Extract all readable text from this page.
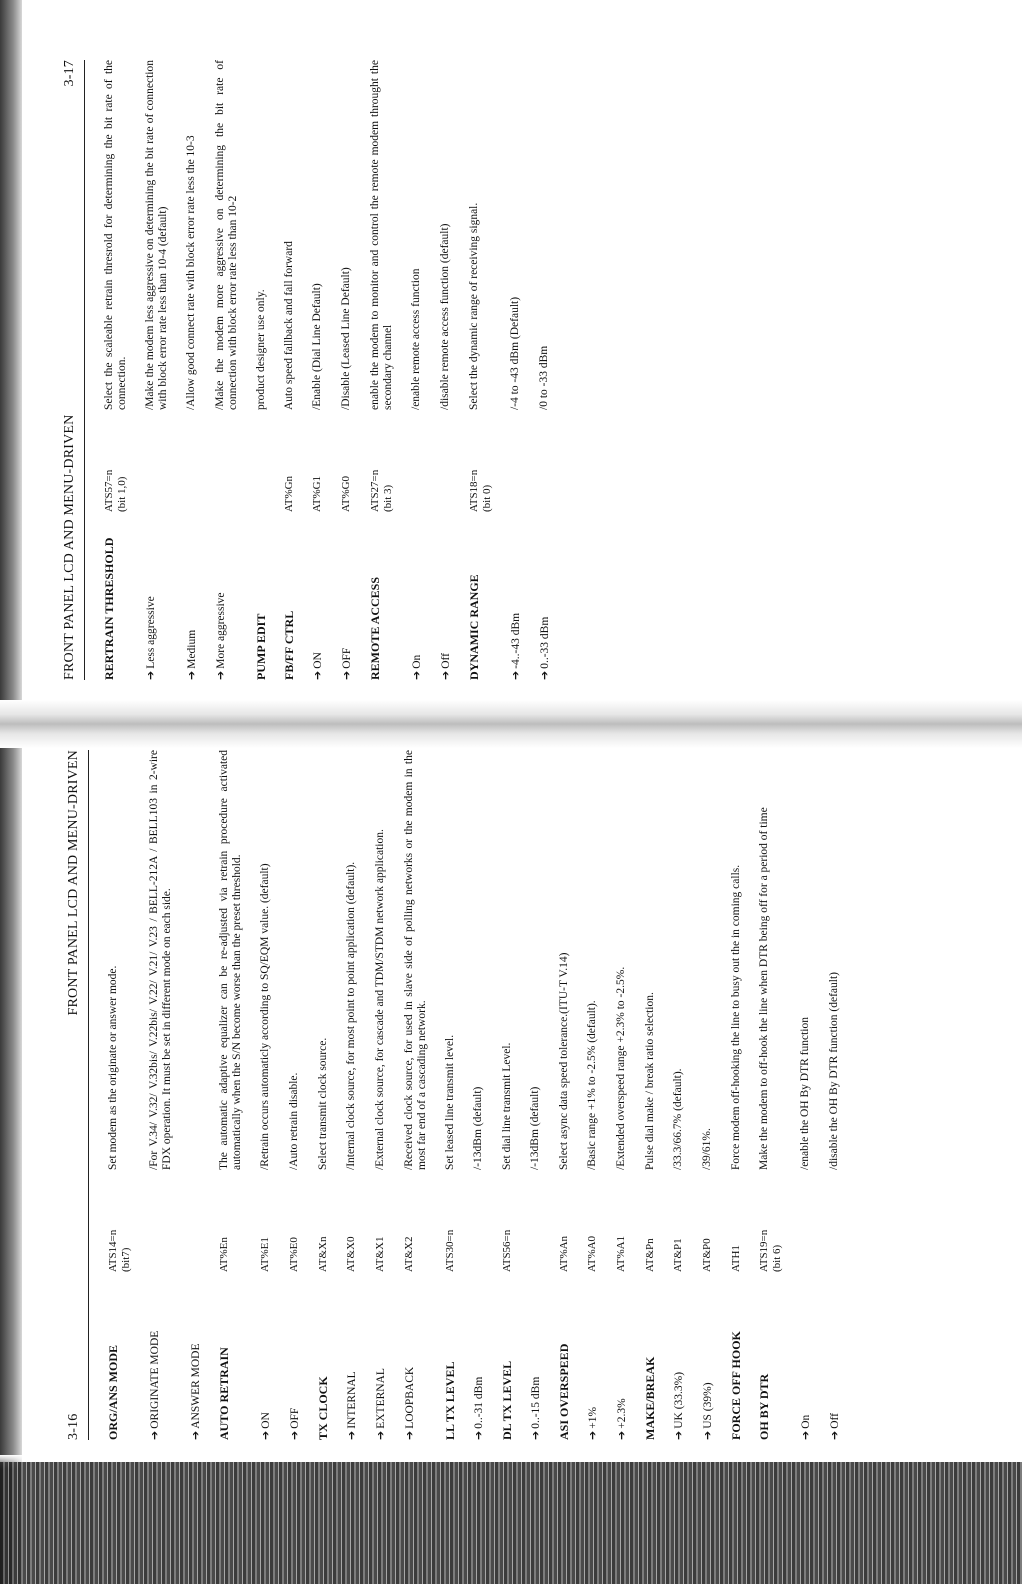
FRONT PANEL LCD AND MENU-DRIVEN
3-17
RERTRAIN THRESHOLD
ATS57=n (bit 1,0)
Select the scaleable retrain thresrold for determining the bit rate of the connection.
➔Less aggressive
/Make the modem less aggressive on determining the bit rate of connection with block error rate less than 10-4 (default)
➔Medium
/Allow good connect rate with block error rate less the 10-3
➔More aggressive
/Make the modem more aggressive on determining the bit rate of connection with block error rate less than 10-2
PUMP EDIT
product designer use only.
FB/FF CTRL
AT%Gn
Auto speed fallback and fall forward
➔ON
AT%G1
/Enable (Dial Line Default)
➔OFF
AT%G0
/Disable (Leased Line Default)
REMOTE ACCESS
ATS27=n (bit 3)
enable the modem to monitor and control the remote modem throught the secondary channel
➔On
/enable remote access function
➔Off
/disable remote access function (default)
DYNAMIC RANGE
ATS18=n (bit 0)
Select the dynamic range of receiving signal.
➔-4..-43 dBm
/-4 to -43 dBm (Default)
➔0..-33 dBm
/0 to -33 dBm
3-16
FRONT PANEL LCD AND MENU-DRIVEN
ORG/ANS MODE
ATS14=n (bit7)
Set modem as the originate or answer mode.
➔ORIGINATE MODE
/For V.34/ V.32/ V.32bis/ V.22bis/ V.22/ V.21/ V.23 / BELL-212A / BELL103 in 2-wire FDX operation. It must be set in different mode on each side.
➔ANSWER MODE AUTO RETRAIN
AT%En
The automatic adaptive equalizer can be re-adjusted via retrain procedure activated automatically when the S/N become worse than the preset threshold.
➔ON
AT%E1
/Retrain occurs automaticly according to SQ/EQM value. (default)
➔OFF
AT%E0
/Auto retrain disable.
TX CLOCK
AT&Xn
Select transmit clock source.
➔INTERNAL
AT&X0
/Internal clock source, for most point to point application (default).
➔EXTERNAL
AT&X1
/External clock source, for cascade and TDM/STDM network application.
➔LOOPBACK
AT&X2
/Received clock source, for used in slave side of polling networks or the modem in the most far end of a cascading network.
LL TX LEVEL
ATS30=n
Set leased line transmit level.
➔0..-31 dBm
/-13dBm (default)
DL TX LEVEL
ATS56=n
Set dial line transmit Level.
➔0..-15 dBm
/-13dBm (default)
ASI OVERSPEED
AT%An
Select async data speed tolerance.(ITU-T V.14)
➔+1%
AT%A0
/Basic range +1% to -2.5% (default).
➔+2.3%
AT%A1
/Extended overspeed range +2.3% to -2.5%.
MAKE/BREAK
AT&Pn
Pulse dial make / break ratio selection.
➔UK (33.3%)
AT&P1
/33.3/66.7% (default).
➔US (39%)
AT&P0
/39/61%.
FORCE OFF HOOK
ATH1
Force modem off-hooking the line to busy out the in coming calls.
OH BY DTR
ATS19=n (bit 6)
Make the modem to off-hook the line when DTR being off for a period of time
➔On
/enable the OH By DTR function
➔Off
/disable the OH By DTR function (default)
